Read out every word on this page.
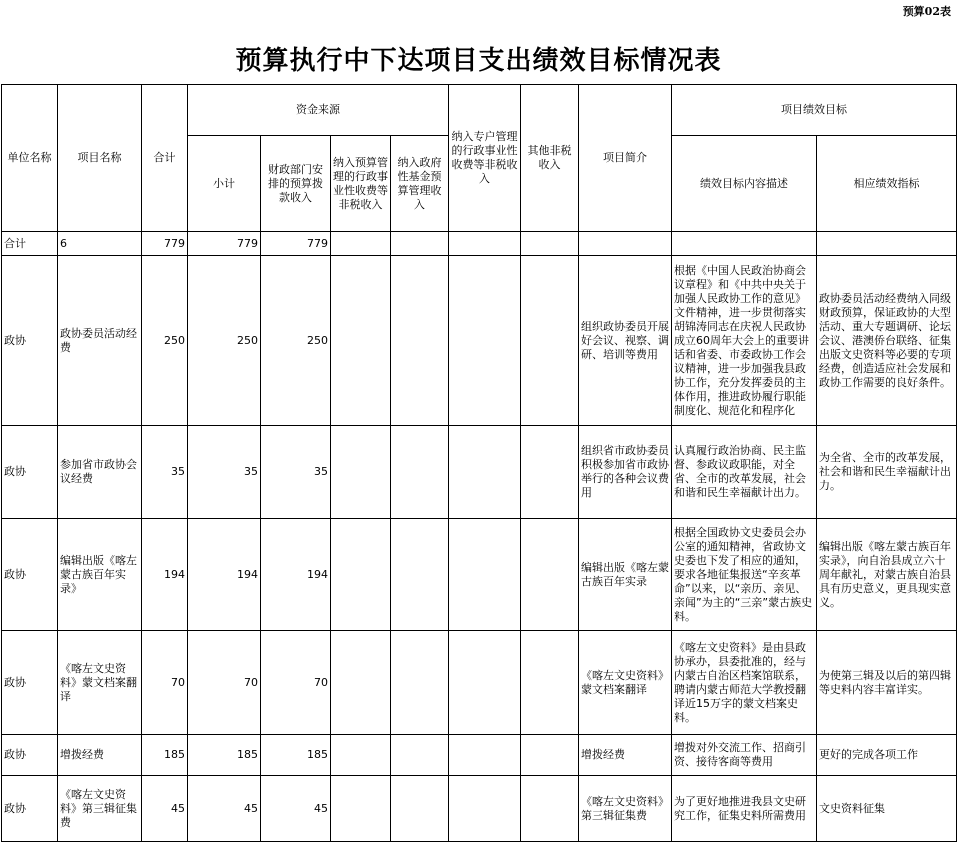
预算02表
预算执行中下达项目支出绩效目标情况表
单位名称	项目名称	合计	资金来源				纳入专户管理的行政事业性收费等非税收入	其他非税收入	项目简介	项目绩效目标	
			小计	财政部门安排的预算拨款收入	纳入预算管理的行政事业性收费等非税收入	纳入政府性基金预算管理收入				绩效目标内容描述	相应绩效指标
合计	6	779	779	779							
政协	政协委员活动经费	250	250	250					组织政协委员开展好会议、视察、调研、培训等费用	根据《中国人民政治协商会议章程》和《中共中央关于加强人民政协工作的意见》文件精神，进一步贯彻落实胡锦涛同志在庆祝人民政协成立60周年大会上的重要讲话和省委、市委政协工作会议精神，进一步加强我县政协工作，充分发挥委员的主体作用，推进政协履行职能制度化、规范化和程序化	政协委员活动经费纳入同级财政预算，保证政协的大型活动、重大专题调研、论坛会议、港澳侨台联络、征集出版文史资料等必要的专项经费，创造适应社会发展和政协工作需要的良好条件。
政协	参加省市政协会议经费	35	35	35					组织省市政协委员积极参加省市政协举行的各种会议费用	认真履行政治协商、民主监督、参政议政职能，对全省、全市的改革发展，社会和谐和民生幸福献计出力。	为全省、全市的改革发展，社会和谐和民生幸福献计出力。
政协	编辑出版《喀左蒙古族百年实录》	194	194	194					编辑出版《喀左蒙古族百年实录	根据全国政协文史委员会办公室的通知精神，省政协文史委也下发了相应的通知，要求各地征集报送“辛亥革命”以来，以“亲历、亲见、亲闻”为主的“三亲”蒙古族史料。	编辑出版《喀左蒙古族百年实录》，向自治县成立六十周年献礼，对蒙古族自治县具有历史意义，更具现实意义。
政协	《喀左文史资料》蒙文档案翻译	70	70	70					《喀左文史资料》蒙文档案翻译	《喀左文史资料》是由县政协承办，县委批准的，经与内蒙古自治区档案馆联系，聘请内蒙古师范大学教授翻译近15万字的蒙文档案史料。	为使第三辑及以后的第四辑等史料内容丰富详实。
政协	增拨经费	185	185	185					增拨经费	增拨对外交流工作、招商引资、接待客商等费用	更好的完成各项工作
政协	《喀左文史资料》第三辑征集费	45	45	45					《喀左文史资料》第三辑征集费	为了更好地推进我县文史研究工作，征集史料所需费用	文史资料征集
